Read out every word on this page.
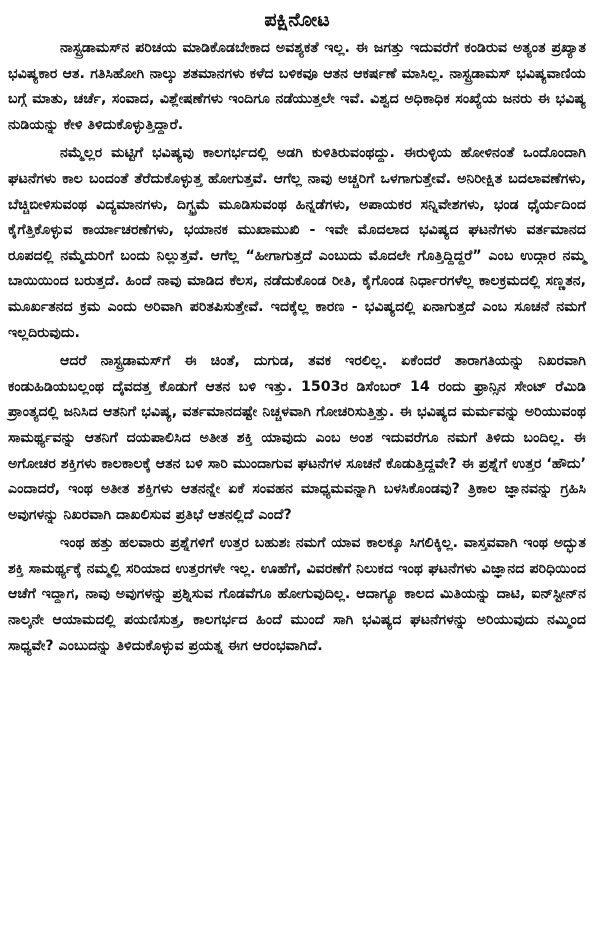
ಪಕ್ಷಿನೋಟ

ನಾಸ್ಟ್ರಡಾಮಸ್‌ನ ಪರಿಚಯ ಮಾಡಿಕೊಡಬೇಕಾದ ಅವಶ್ಯಕತೆ ಇಲ್ಲ. ಈ ಜಗತ್ತು ಇದುವರೆಗೆ ಕಂಡಿರುವ ಅತ್ಯಂತ ಪ್ರಖ್ಯಾತ ಭವಿಷ್ಯಕಾರ ಆತ. ಗತಿಸಿಹೋಗಿ ನಾಲ್ಕು ಶತಮಾನಗಳು ಕಳೆದ ಬಳಿಕವೂ ಆತನ ಆಕರ್ಷಣೆ ಮಾಸಿಲ್ಲ. ನಾಸ್ಟ್ರಡಾಮಸ್ ಭವಿಷ್ಯವಾಣಿಯ ಬಗ್ಗೆ ಮಾತು, ಚರ್ಚೆ, ಸಂವಾದ, ವಿಶ್ಲೇಷಣೆಗಳು ಇಂದಿಗೂ ನಡೆಯುತ್ತಲೇ ಇವೆ. ವಿಶ್ವದ ಅಧಿಕಾಧಿಕ ಸಂಖ್ಯೆಯ ಜನರು ಈ ಭವಿಷ್ಯ ನುಡಿಯನ್ನು ಕೇಳಿ ತಿಳಿದುಕೊಳ್ಳುತ್ತಿದ್ದಾರೆ.

ನಮ್ಮೆಲ್ಲರ ಮಟ್ಟಿಗೆ ಭವಿಷ್ಯವು ಕಾಲಗರ್ಭದಲ್ಲಿ ಅಡಗಿ ಕುಳಿತಿರುವಂಥದ್ದು. ಈರುಳ್ಳಿಯ ಹೋಳಿನಂತೆ ಒಂದೊಂದಾಗಿ ಘಟನೆಗಳು ಕಾಲ ಬಂದಂತೆ ತೆರೆದುಕೊಳ್ಳುತ್ತ ಹೋಗುತ್ತವೆ. ಆಗೆಲ್ಲ ನಾವು ಅಚ್ಚರಿಗೆ ಒಳಗಾಗುತ್ತೇವೆ. ಅನಿರೀಕ್ಷಿತ ಬದಲಾವಣೆಗಳು, ಬೆಚ್ಚಿಬೀಳಿಸುವಂಥ ವಿದ್ಯಮಾನಗಳು, ದಿಗ್ಭ್ರಮೆ ಮೂಡಿಸುವಂಥ ಹಿನ್ನಡೆಗಳು, ಅಪಾಯಕರ ಸನ್ನಿವೇಶಗಳು, ಭಂಡ ಧೈರ್ಯದಿಂದ ಕೈಗೆತ್ತಿಕೊಳ್ಳುವ ಕಾರ್ಯಾಚರಣೆಗಳು, ಭಯಾನಕ ಮುಖಾಮುಖಿ - ಇವೇ ಮೊದಲಾದ ಭವಿಷ್ಯದ ಘಟನೆಗಳು ವರ್ತಮಾನದ ರೂಪದಲ್ಲಿ ನಮ್ಮೆದುರಿಗೆ ಬಂದು ನಿಲ್ಲುತ್ತವೆ. ಆಗೆಲ್ಲ “ಹೀಗಾಗುತ್ತದೆ ಎಂಬುದು ಮೊದಲೇ ಗೊತ್ತಿದ್ದಿದ್ದರೆ” ಎಂಬ ಉದ್ಗಾರ ನಮ್ಮ ಬಾಯಿಯಿಂದ ಬರುತ್ತದೆ. ಹಿಂದೆ ನಾವು ಮಾಡಿದ ಕೆಲಸ, ನಡೆದುಕೊಂಡ ರೀತಿ, ಕೈಗೊಂಡ ನಿರ್ಧಾರಗಳೆಲ್ಲ ಕಾಲಕ್ರಮದಲ್ಲಿ ಸಣ್ಣತನ, ಮೂರ್ಖತನದ ಕ್ರಮ ಎಂದು ಅರಿವಾಗಿ ಪರಿತಪಿಸುತ್ತೇವೆ. ಇದಕ್ಕೆಲ್ಲ ಕಾರಣ - ಭವಿಷ್ಯದಲ್ಲಿ ಏನಾಗುತ್ತದೆ ಎಂಬ ಸೂಚನೆ ನಮಗೆ ಇಲ್ಲದಿರುವುದು.

ಆದರೆ ನಾಸ್ಟ್ರಡಾಮಸ್‌ಗೆ ಈ ಚಿಂತೆ, ದುಗುಡ, ತವಕ ಇರಲಿಲ್ಲ. ಏಕೆಂದರೆ ತಾರಾಗತಿಯನ್ನು ನಿಖರವಾಗಿ ಕಂಡುಹಿಡಿಯಬಲ್ಲಂಥ ದೈವದತ್ತ ಕೊಡುಗೆ ಆತನ ಬಳಿ ಇತ್ತು. 1503ರ ಡಿಸೆಂಬರ್ 14 ರಂದು ಫ್ರಾನ್ಸಿನ ಸೇಂಟ್ ರೆಮಿಡಿ ಪ್ರಾಂತ್ಯದಲ್ಲಿ ಜನಿಸಿದ ಆತನಿಗೆ ಭವಿಷ್ಯ, ವರ್ತಮಾನದಷ್ಟೇ ನಿಚ್ಚಳವಾಗಿ ಗೋಚರಿಸುತ್ತಿತ್ತು. ಈ ಭವಿಷ್ಯದ ಮರ್ಮವನ್ನು ಅರಿಯುವಂಥ ಸಾಮರ್ಥ್ಯವನ್ನು ಆತನಿಗೆ ದಯಪಾಲಿಸಿದ ಅತೀತ ಶಕ್ತಿ ಯಾವುದು ಎಂಬ ಅಂಶ ಇದುವರೆಗೂ ನಮಗೆ ತಿಳಿದು ಬಂದಿಲ್ಲ. ಈ ಅಗೋಚರ ಶಕ್ತಿಗಳು ಕಾಲಕಾಲಕ್ಕೆ ಆತನ ಬಳಿ ಸಾರಿ ಮುಂದಾಗುವ ಘಟನೆಗಳ ಸೂಚನೆ ಕೊಡುತ್ತಿದ್ದವೇ? ಈ ಪ್ರಶ್ನೆಗೆ ಉತ್ತರ ‘ಹೌದು’ ಎಂದಾದರೆ, ಇಂಥ ಅತೀತ ಶಕ್ತಿಗಳು ಆತನನ್ನೇ ಏಕೆ ಸಂವಹನ ಮಾಧ್ಯಮವನ್ನಾಗಿ ಬಳಸಿಕೊಂಡವು? ತ್ರಿಕಾಲ ಜ್ಞಾನವನ್ನು ಗ್ರಹಿಸಿ ಅವುಗಳನ್ನು ನಿಖರವಾಗಿ ದಾಖಲಿಸುವ ಪ್ರತಿಭೆ ಆತನಲ್ಲಿದೆ ಎಂದೆ?

ಇಂಥ ಹತ್ತು ಹಲವಾರು ಪ್ರಶ್ನೆಗಳಿಗೆ ಉತ್ತರ ಬಹುಶಃ ನಮಗೆ ಯಾವ ಕಾಲಕ್ಕೂ ಸಿಗಲಿಕ್ಕಿಲ್ಲ. ವಾಸ್ತವವಾಗಿ ಇಂಥ ಅದ್ಭುತ ಶಕ್ತಿ ಸಾಮರ್ಥ್ಯಕ್ಕೆ ನಮ್ಮಲ್ಲಿ ಸರಿಯಾದ ಉತ್ತರಗಳೇ ಇಲ್ಲ. ಊಹೆಗೆ, ವಿವರಣೆಗೆ ನಿಲುಕದ ಇಂಥ ಘಟನೆಗಳು ವಿಜ್ಞಾನದ ಪರಿಧಿಯಿಂದ ಆಚೆಗೆ ಇದ್ದಾಗ, ನಾವು ಅವುಗಳನ್ನು ಪ್ರಶ್ನಿಸುವ ಗೊಡವೆಗೂ ಹೋಗುವುದಿಲ್ಲ. ಆದಾಗ್ಯೂ ಕಾಲದ ಮಿತಿಯನ್ನು ದಾಟಿ, ಐನ್‌ಸ್ಟೀನ್‌ನ ನಾಲ್ಕನೇ ಆಯಾಮದಲ್ಲಿ ಪಯಣಿಸುತ್ತ, ಕಾಲಗರ್ಭದ ಹಿಂದೆ ಮುಂದೆ ಸಾಗಿ ಭವಿಷ್ಯದ ಘಟನೆಗಳನ್ನು ಅರಿಯುವುದು ನಮ್ಮಿಂದ ಸಾಧ್ಯವೇ? ಎಂಬುದನ್ನು ತಿಳಿದುಕೊಳ್ಳುವ ಪ್ರಯತ್ನ ಈಗ ಆರಂಭವಾಗಿದೆ.
